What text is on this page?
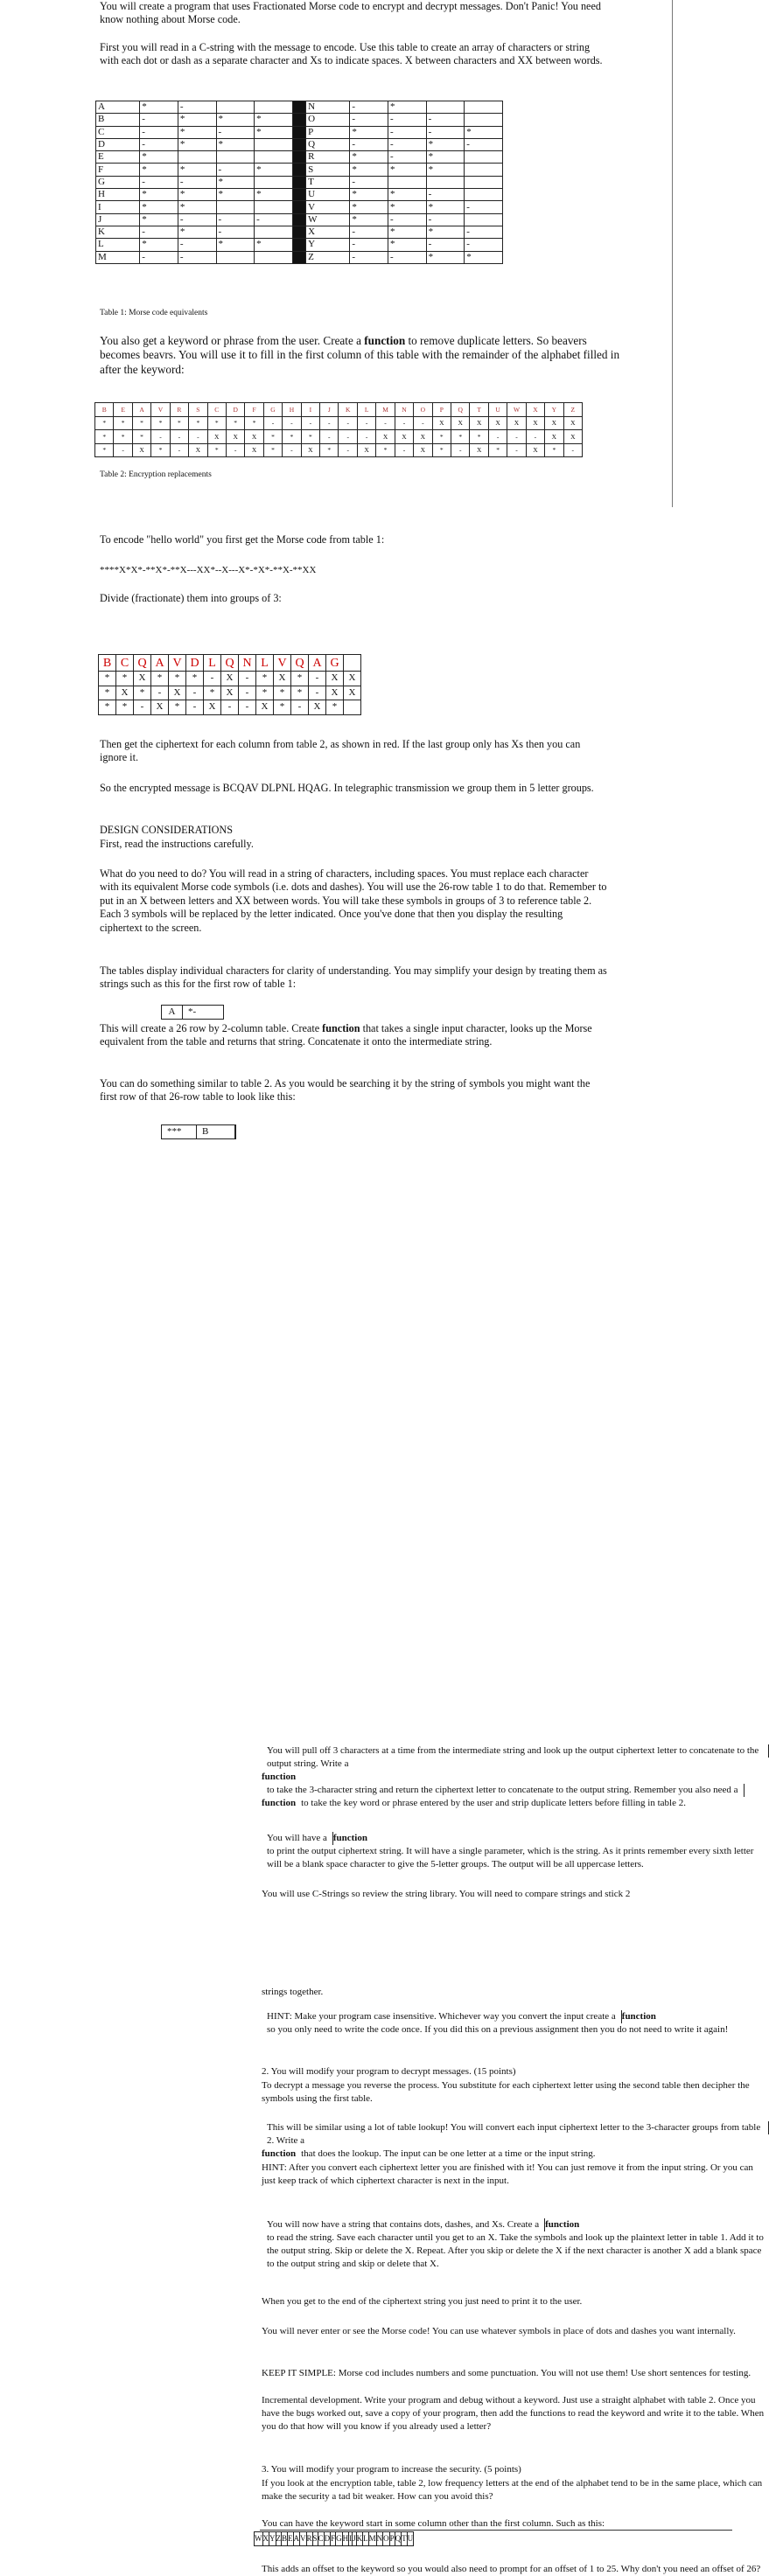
You will create a program that uses Fractionated Morse code to encrypt and decrypt messages. Don't Panic! You need know nothing about Morse code.

First you will read in a C-string with the message to encode. Use this table to create an array of characters or string with each dot or dash as a separate character and Xs to indicate spaces. X between characters and XX between words.

A	*	-				N	-	*		
B	-	*	*	*		O	-	-	-	
C	-	*	-	*		P	*	-	-	*
D	-	*	*			Q	-	-	*	-
E	*					R	*	-	*	
F	*	*	-	*		S	*	*	*	
G	-	-	*			T	-			
H	*	*	*	*		U	*	*	-	
I	*	*				V	*	*	*	-
J	*	-	-	-		W	*	-	-	
K	-	*	-			X	-	*	*	-
L	*	-	*	*		Y	-	*	-	-
M	-	-				Z	-	-	*	*
Table 1: Morse code equivalents

You also get a keyword or phrase from the user. Create a function to remove duplicate letters. So beavers becomes beavrs. You will use it to fill in the first column of this table with the remainder of the alphabet filled in after the keyword:

B	E	A	V	R	S	C	D	F	G	H	I	J	K	L	M	N	O	P	Q	T	U	W	X	Y	Z
*	*	*	*	*	*	*	*	*	-	-	-	-	-	-	-	-	-	X	X	X	X	X	X	X	X
*	*	*	-	-	-	X	X	X	*	*	*	-	-	-	X	X	X	*	*	*	-	-	-	X	X
*	-	X	*	-	X	*	-	X	*	-	X	*	-	X	*	-	X	*	-	X	*	-	X	*	-
Table 2: Encryption replacements

To encode "hello world" you first get the Morse code from table 1:

****X*X*-**X*-**X---XX*--X---X*-*X*-**X-**XX

Divide (fractionate) them into groups of 3:

B	C	Q	A	V	D	L	Q	N	L	V	Q	A	G	
*	*	X	*	*	*	-	X	-	*	X	*	-	X	X
*	X	*	-	X	-	*	X	-	*	*	*	-	X	X
*	*	-	X	*	-	X	-	-	X	*	-	X	*	

Then get the ciphertext for each column from table 2, as shown in red. If the last group only has Xs then you can ignore it.

So the encrypted message is BCQAV DLPNL HQAG. In telegraphic transmission we group them in 5 letter groups.

DESIGN CONSIDERATIONS

First, read the instructions carefully.

What do you need to do? You will read in a string of characters, including spaces. You must replace each character with its equivalent Morse code symbols (i.e. dots and dashes). You will use the 26-row table 1 to do that. Remember to put in an X between letters and XX between words. You will take these symbols in groups of 3 to reference table 2. Each 3 symbols will be replaced by the letter indicated. Once you've done that then you display the resulting ciphertext to the screen.

The tables display individual characters for clarity of understanding. You may simplify your design by treating them as strings such as this for the first row of table 1:

A *-

This will create a 26 row by 2-column table. Create function that takes a single input character, looks up the Morse equivalent from the table and returns that string. Concatenate it onto the intermediate string.

You can do something similar to table 2. As you would be searching it by the string of symbols you might want the first row of that 26-row table to look like this:

*** B

You will pull off 3 characters at a time from the intermediate string and look up the output ciphertext letter to concatenate to the output string. Write afunctionto take the 3-character string and return the ciphertext letter to concatenate to the output string. Remember you also need afunctionto take the key word or phrase entered by the user and strip duplicate letters before filling in table 2.

You will have afunctionto print the output ciphertext string. It will have a single parameter, which is the string. As it prints remember every sixth letter will be a blank space character to give the 5-letter groups. The output will be all uppercase letters.

You will use C-Strings so review the string library. You will need to compare strings and stick 2

strings together.

HINT: Make your program case insensitive. Whichever way you convert the input create afunctionso you only need to write the code once. If you did this on a previous assignment then you do not need to write it again!

2. You will modify your program to decrypt messages. (15 points)

To decrypt a message you reverse the process. You substitute for each ciphertext letter using the second table then decipher the symbols using the first table.

This will be similar using a lot of table lookup! You will convert each input ciphertext letter to the 3-character groups from table 2. Write afunctionthat does the lookup. The input can be one letter at a time or the input string.

HINT: After you convert each ciphertext letter you are finished with it! You can just remove it from the input string. Or you can just keep track of which ciphertext character is next in the input.

You will now have a string that contains dots, dashes, and Xs. Create afunctionto read the string. Save each character until you get to an X. Take the symbols and look up the plaintext letter in table 1. Add it to the output string. Skip or delete the X. Repeat. After you skip or delete the X if the next character is another X add a blank space to the output string and skip or delete that X.

When you get to the end of the ciphertext string you just need to print it to the user.

You will never enter or see the Morse code! You can use whatever symbols in place of dots and dashes you want internally.

KEEP IT SIMPLE: Morse cod includes numbers and some punctuation. You will not use them! Use short sentences for testing.

Incremental development. Write your program and debug without a keyword. Just use a straight alphabet with table 2. Once you have the bugs worked out, save a copy of your program, then add the functions to read the keyword and write it to the table. When you do that how will you know if you already used a letter?

3. You will modify your program to increase the security. (5 points)

If you look at the encryption table, table 2, low frequency letters at the end of the alphabet tend to be in the same place, which can make the security a tad bit weaker. How can you avoid this?

You can have the keyword start in some column other than the first column. Such as this:

W	X	Y	Z	B	E	A	V	R	S	C	D	F	G	H	I	J	K	L	M	N	O	P	Q	T	U

This adds an offset to the keyword so you would also need to prompt for an offset of 1 to 25. Why don't you need an offset of 26?
